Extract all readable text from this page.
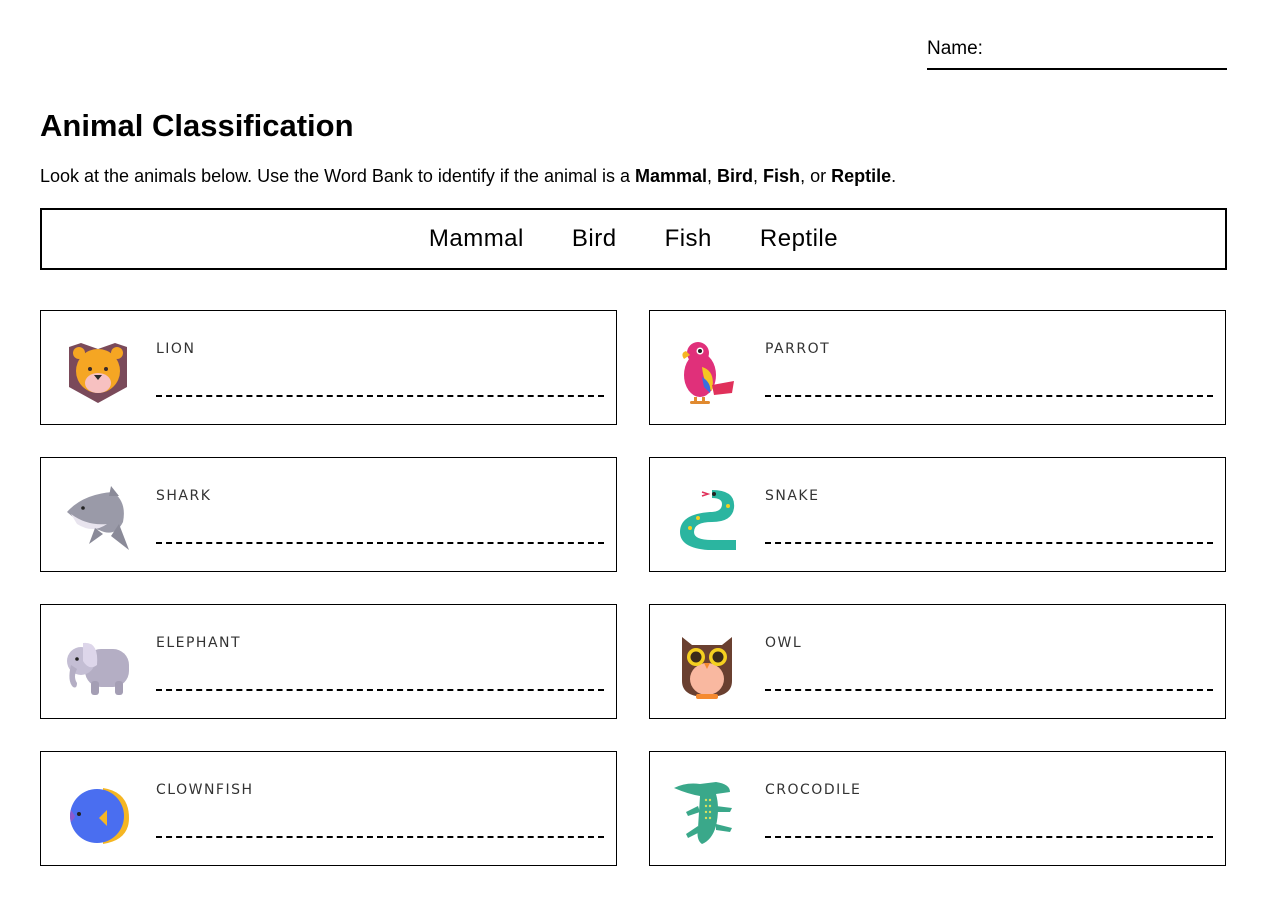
Name:
Animal Classification
Look at the animals below. Use the Word Bank to identify if the animal is a Mammal, Bird, Fish, or Reptile.
Mammal Bird Fish Reptile
LION	PARROT
SHARK	SNAKE
ELEPHANT	OWL
CLOWNFISH	CROCODILE
